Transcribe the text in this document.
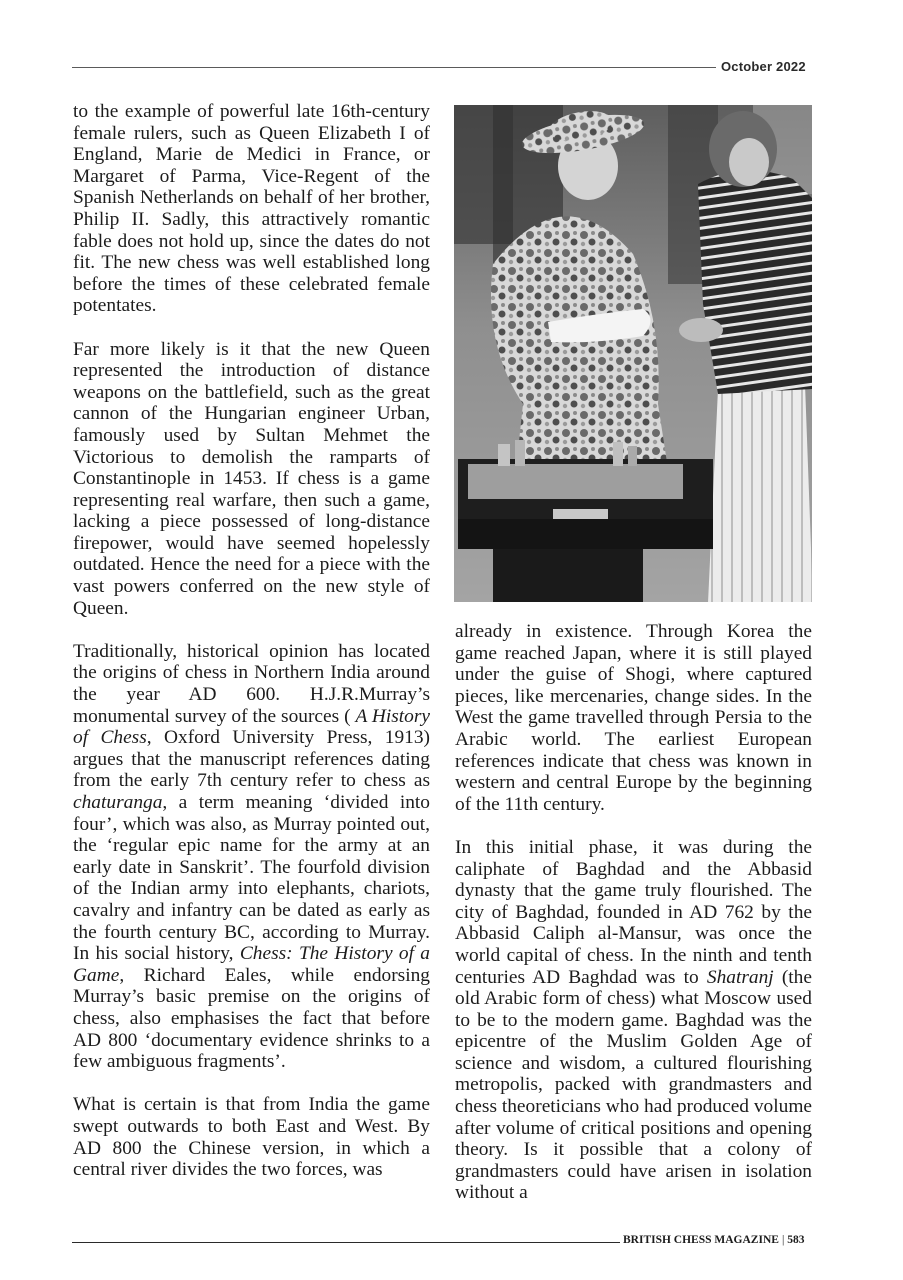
October 2022

to the example of powerful late 16th-century female rulers, such as Queen Elizabeth I of England, Marie de Medici in France, or Margaret of Parma, Vice-Regent of the Spanish Netherlands on behalf of her brother, Philip II. Sadly, this attractively romantic fable does not hold up, since the dates do not fit. The new chess was well established long before the times of these celebrated female potentates.

Far more likely is it that the new Queen represented the introduction of distance weapons on the battlefield, such as the great cannon of the Hungarian engineer Urban, famously used by Sultan Mehmet the Victorious to demolish the ramparts of Constantinople in 1453. If chess is a game representing real warfare, then such a game, lacking a piece possessed of long-distance firepower, would have seemed hopelessly outdated. Hence the need for a piece with the vast powers conferred on the new style of Queen.

Traditionally, historical opinion has located the origins of chess in Northern India around the year AD 600. H.J.R.Murray’s monumental survey of the sources ( A History of Chess, Oxford University Press, 1913) argues that the manuscript references dating from the early 7th century refer to chess as chaturanga, a term meaning ‘divided into four’, which was also, as Murray pointed out, the ‘regular epic name for the army at an early date in Sanskrit’. The fourfold division of the Indian army into elephants, chariots, cavalry and infantry can be dated as early as the fourth century BC, according to Murray. In his social history, Chess: The History of a Game, Richard Eales, while endorsing Murray’s basic premise on the origins of chess, also emphasises the fact that before AD 800 ‘documentary evidence shrinks to a few ambiguous fragments’.

What is certain is that from India the game swept outwards to both East and West. By AD 800 the Chinese version, in which a central river divides the two forces, was

already in existence. Through Korea the game reached Japan, where it is still played under the guise of Shogi, where captured pieces, like mercenaries, change sides. In the West the game travelled through Persia to the Arabic world. The earliest European references indicate that chess was known in western and central Europe by the beginning of the 11th century.

In this initial phase, it was during the caliphate of Baghdad and the Abbasid dynasty that the game truly flourished. The city of Baghdad, founded in AD 762 by the Abbasid Caliph al-Mansur, was once the world capital of chess. In the ninth and tenth centuries AD Baghdad was to Shatranj (the old Arabic form of chess) what Moscow used to be to the modern game. Baghdad was the epicentre of the Muslim Golden Age of science and wisdom, a cultured flourishing metropolis, packed with grandmasters and chess theoreticians who had produced volume after volume of critical positions and opening theory. Is it possible that a colony of grandmasters could have arisen in isolation without a

BRITISH CHESS MAGAZINE | 583
